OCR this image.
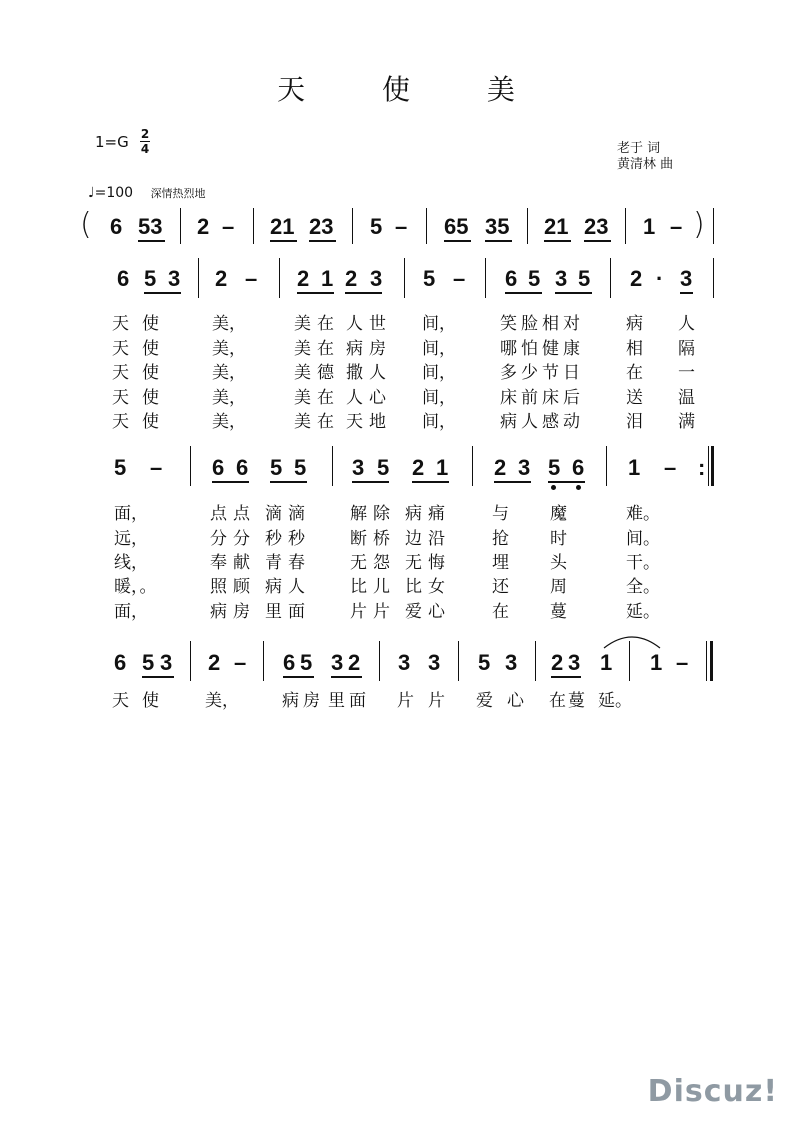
天 使 美
1=G 2
4	老于 词
黄清林 曲
♩=100 深情热烈地
( 6 53 2 – 21 23 5 – 65 35 21 23 1 – )
6 5 3 2 – 2 1 2 3 5 – 6 5 3 5 2 · 3
天 使	美，	美在 人世 间，	笑脸 相对 病 人
天 使	美，	美在 病房 间，	哪怕 健康 相 隔
天 使	美，	美德 撒人 间，	多少 节日 在 一
天 使	美，	美在 人心 间，	床前 床后 送 温
天 使	美，	美在 天地 间，	病人 感动 泪 满
5 – 6 6 5 5 3 5 2 1 2 3 5 6 1 – :
面，	点点 滴滴 解除 病痛 与 魔	难。
远，	分分 秒秒 断桥 边沿 抢 时	间。
线，	奉献 青春 无怨 无悔 埋 头	干。
暖，。	照顾 病人 比儿 比女 还 周	全。
面，	病房 里面 片片 爱心 在 蔓	延。
6 5 3 2 – 6 5 3 2 3 3 5 3 2 3 1 1 –
天 使	美，	病房 里面 片片 爱心 在蔓 延。
Discuz!
